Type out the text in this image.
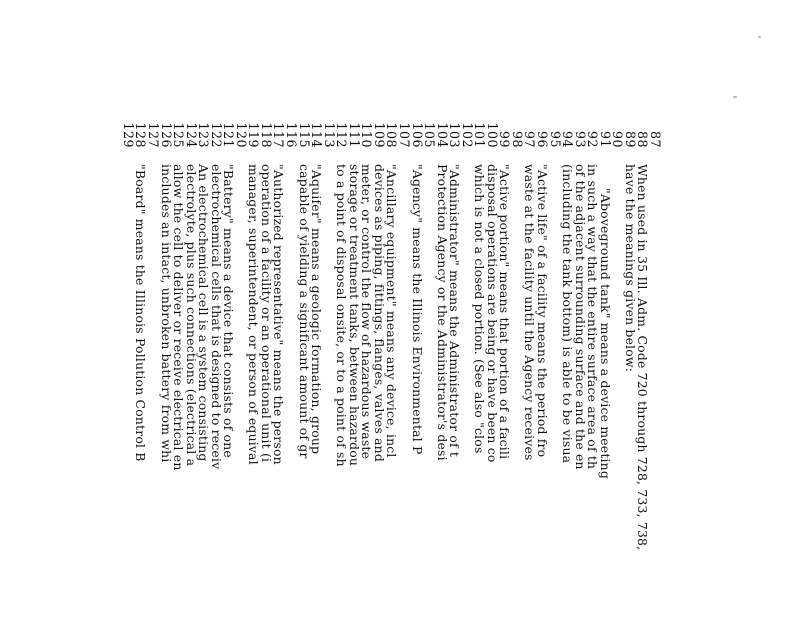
87
88
When used in 35 Ill. Adm. Code 720 through 728, 733, 738,
89
have the meanings given below:
90
91
"Aboveground tank" means a device meeting
92
in such a way that the entire surface area of th
93
of the adjacent surrounding surface and the en
94
(including the tank bottom) is able to be visua
95
96
"Active life" of a facility means the period fro
97
waste at the facility until the Agency receives
98
99
"Active portion" means that portion of a facili
100
disposal operations are being or have been co
101
which is not a closed portion. (See also "clos
102
103
"Administrator" means the Administrator of t
104
Protection Agency or the Administrator's desi
105
106
"Agency" means the Illinois Environmental P
107
108
"Ancillary equipment" means any device, incl
109
devices as piping, fittings, flanges, valves and
110
meter, or control the flow of hazardous waste
111
storage or treatment tanks, between hazardou
112
to a point of disposal onsite, or to a point of sh
113
114
"Aquifer" means a geologic formation, group
115
capable of yielding a significant amount of gr
116
117
"Authorized representative" means the person
118
operation of a facility or an operational unit (i
119
manager, superintendent, or person of equival
120
121
"Battery" means a device that consists of one
122
electrochemical cells that is designed to receiv
123
An electrochemical cell is a system consisting
124
electrolyte, plus such connections (electrical a
125
allow the cell to deliver or receive electrical en
126
includes an intact, unbroken battery from whi
127
128
"Board" means the Illinois Pollution Control B
129
